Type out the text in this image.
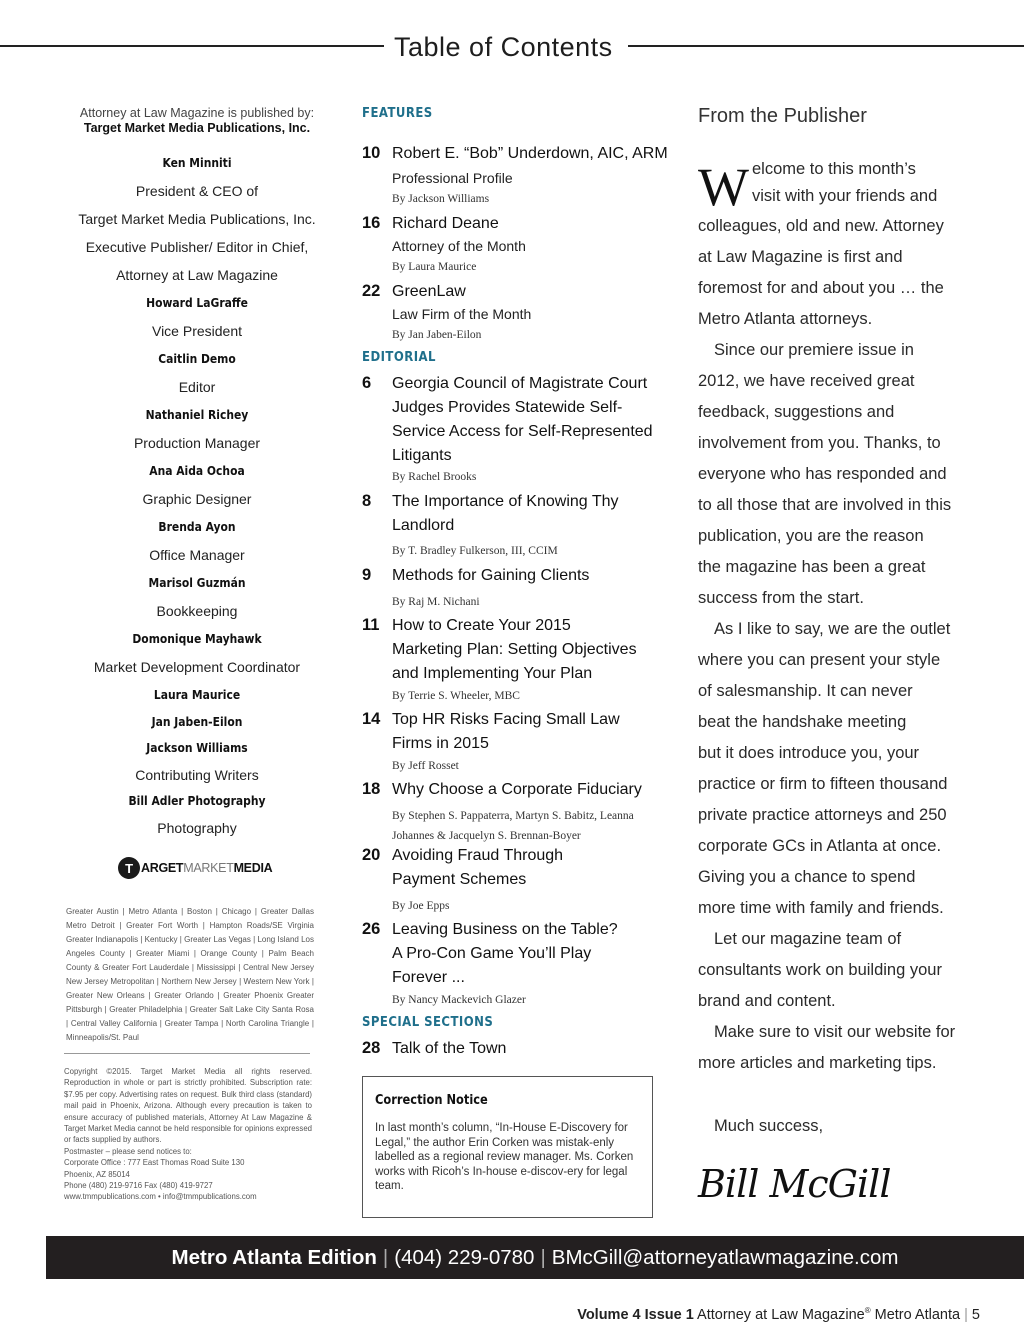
Table of Contents
Attorney at Law Magazine is published by:
Target Market Media Publications, Inc.
Ken Minniti
President & CEO of
Target Market Media Publications, Inc.
Executive Publisher/ Editor in Chief,
Attorney at Law Magazine
Howard LaGraffe
Vice President
Caitlin Demo
Editor
Nathaniel Richey
Production Manager
Ana Aida Ochoa
Graphic Designer
Brenda Ayon
Office Manager
Marisol Guzmán
Bookkeeping
Domonique Mayhawk
Market Development Coordinator
Laura Maurice
Jan Jaben-Eilon
Jackson Williams
Contributing Writers
Bill Adler Photography
Photography
T ARGET MARKET MEDIA
Greater Austin | Metro Atlanta | Boston | Chicago | Greater Dallas Metro Detroit | Greater Fort Worth | Hampton Roads/SE Virginia Greater Indianapolis | Kentucky | Greater Las Vegas | Long Island Los Angeles County | Greater Miami | Orange County | Palm Beach County & Greater Fort Lauderdale | Mississippi | Central New Jersey New Jersey Metropolitan | Northern New Jersey | Western New York | Greater New Orleans | Greater Orlando | Greater Phoenix Greater Pittsburgh | Greater Philadelphia | Greater Salt Lake City Santa Rosa | Central Valley California | Greater Tampa | North Carolina Triangle | Minneapolis/St. Paul
Copyright ©2015. Target Market Media all rights reserved. Reproduction in whole or part is strictly prohibited. Subscription rate: $7.95 per copy. Advertising rates on request. Bulk third class (standard) mail paid in Phoenix, Arizona. Although every precaution is taken to ensure accuracy of published materials, Attorney At Law Magazine & Target Market Media cannot be held responsible for opinions expressed or facts supplied by authors.
Postmaster – please send notices to:
Corporate Office : 777 East Thomas Road Suite 130
Phoenix, AZ 85014
Phone (480) 219-9716 Fax (480) 419-9727
www.tmmpublications.com • info@tmmpublications.com
FEATURES
10 Robert E. “Bob” Underdown, AIC, ARM
Professional Profile
By Jackson Williams
16 Richard Deane
Attorney of the Month
By Laura Maurice
22 GreenLaw
Law Firm of the Month
By Jan Jaben-Eilon
EDITORIAL
6	Georgia Council of Magistrate Court
Judges Provides Statewide Self-
Service Access for Self-Represented
Litigants
By Rachel Brooks
8	The Importance of Knowing Thy
Landlord
By T. Bradley Fulkerson, III, CCIM
9	Methods for Gaining Clients
By Raj M. Nichani
11 How to Create Your 2015
Marketing Plan: Setting Objectives
and Implementing Your Plan
By Terrie S. Wheeler, MBC
14 Top HR Risks Facing Small Law
Firms in 2015
By Jeff Rosset
18 Why Choose a Corporate Fiduciary
By Stephen S. Pappaterra, Martyn S. Babitz, Leanna
Johannes & Jacquelyn S. Brennan-Boyer
20 Avoiding Fraud Through
Payment Schemes
By Joe Epps
26 Leaving Business on the Table?
A Pro-Con Game You’ll Play
Forever ...
By Nancy Mackevich Glazer
SPECIAL SECTIONS
28 Talk of the Town
Correction Notice
In last month’s column, “In-House E-Discovery for Legal,” the author Erin Corken was mistak-enly labelled as a regional review manager. Ms. Corken works with Ricoh’s In-house e-discov-ery for legal team.
From the Publisher
W elcome to this month’s
visit with your friends and
colleagues, old and new. Attorney
at Law Magazine is first and
foremost for and about you … the
Metro Atlanta attorneys.
Since our premiere issue in
2012, we have received great
feedback, suggestions and
involvement from you. Thanks, to
everyone who has responded and
to all those that are involved in this
publication, you are the reason
the magazine has been a great
success from the start.
As I like to say, we are the outlet
where you can present your style
of salesmanship. It can never
beat the handshake meeting
but it does introduce you, your
practice or firm to fifteen thousand
private practice attorneys and 250
corporate GCs in Atlanta at once.
Giving you a chance to spend
more time with family and friends.
Let our magazine team of
consultants work on building your
brand and content.
Make sure to visit our website for
more articles and marketing tips.
Much success,
Bill McGill
Metro Atlanta Edition | (404) 229-0780 | BMcGill@attorneyatlawmagazine.com
Volume 4 Issue 1 Attorney at Law Magazine® Metro Atlanta | 5
